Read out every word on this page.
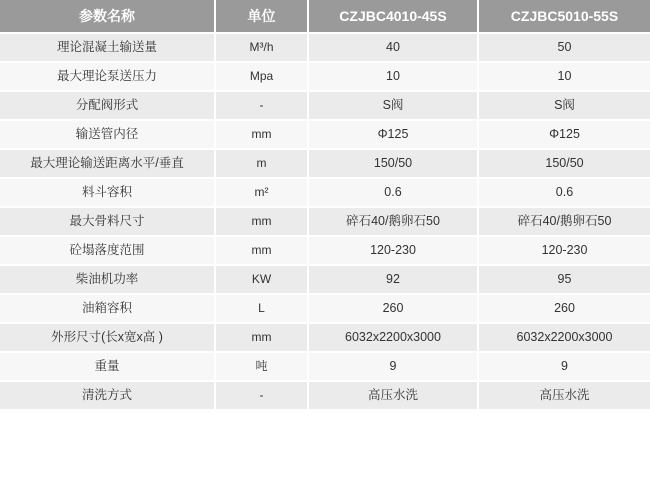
参数名称	单位	CZJBC4010-45S	CZJBC5010-55S
理论混凝土输送量	M³/h	40	50
最大理论泵送压力	Mpa	10	10
分配阀形式	-	S阀	S阀
输送管内径	mm	Φ125	Φ125
最大理论输送距离水平/垂直	m	150/50	150/50
料斗容积	m²	0.6	0.6
最大骨料尺寸	mm	碎石40/鹅卵石50	碎石40/鹅卵石50
砼塌落度范围	mm	120-230	120-230
柴油机功率	KW	92	95
油箱容积	L	260	260
外形尺寸(长x宽x高 )	mm	6032x2200x3000	6032x2200x3000
重量	吨	9	9
清洗方式	-	高压水洗	高压水洗
